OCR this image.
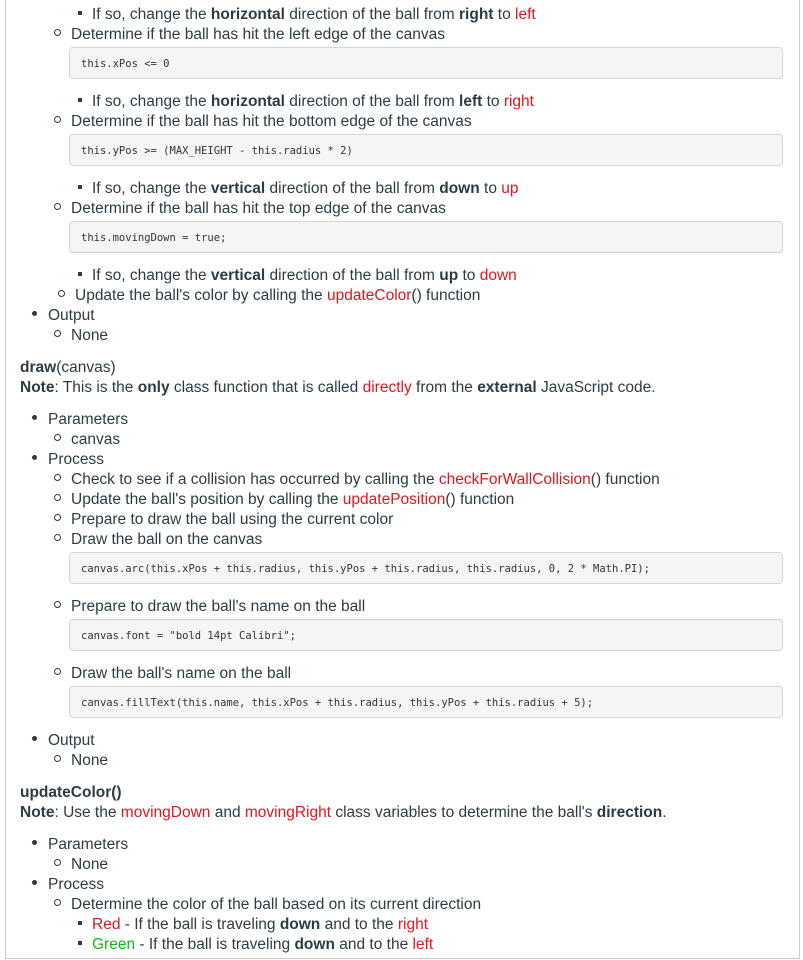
If so, change the horizontal direction of the ball from right to left
Determine if the ball has hit the left edge of the canvas
this.xPos <= 0
If so, change the horizontal direction of the ball from left to right
Determine if the ball has hit the bottom edge of the canvas
this.yPos >= (MAX_HEIGHT - this.radius * 2)
If so, change the vertical direction of the ball from down to up
Determine if the ball has hit the top edge of the canvas
this.movingDown = true;
If so, change the vertical direction of the ball from up to down
Update the ball's color by calling the updateColor() function
Output
None
draw(canvas)
Note: This is the only class function that is called directly from the external JavaScript code.
Parameters
canvas
Process
Check to see if a collision has occurred by calling the checkForWallCollision() function
Update the ball's position by calling the updatePosition() function
Prepare to draw the ball using the current color
Draw the ball on the canvas
canvas.arc(this.xPos + this.radius, this.yPos + this.radius, this.radius, 0, 2 * Math.PI);
Prepare to draw the ball's name on the ball
canvas.font = "bold 14pt Calibri";
Draw the ball's name on the ball
canvas.fillText(this.name, this.xPos + this.radius, this.yPos + this.radius + 5);
Output
None
updateColor()
Note: Use the movingDown and movingRight class variables to determine the ball's direction.
Parameters
None
Process
Determine the color of the ball based on its current direction
Red - If the ball is traveling down and to the right
Green - If the ball is traveling down and to the left
